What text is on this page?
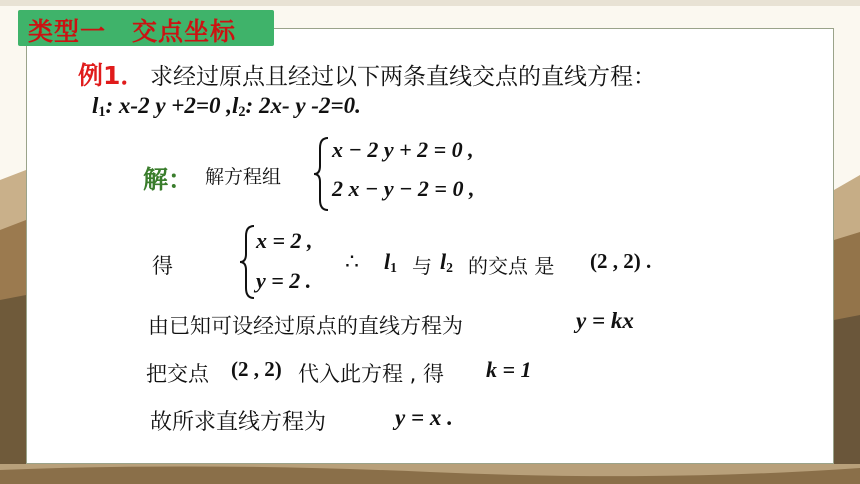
类型一　交点坐标
例1． 求经过原点且经过以下两条直线交点的直线方程：
$l_1$: x-2 y +2=0 $,l_2$: 2x- y -2=0.
解： 解方程组
x − 2 y + 2 = 0 ,
2 x − y − 2 = 0 ,
得
x = 2 ,
y = 2 .
∴ $l_1$ 与 $l_2$ 的交点 是 (2 , 2) .
由已知可设经过原点的直线方程为	y = kx
把交点 (2 , 2) 代入此方程 , 得 k = 1
故所求直线方程为	y = x .
